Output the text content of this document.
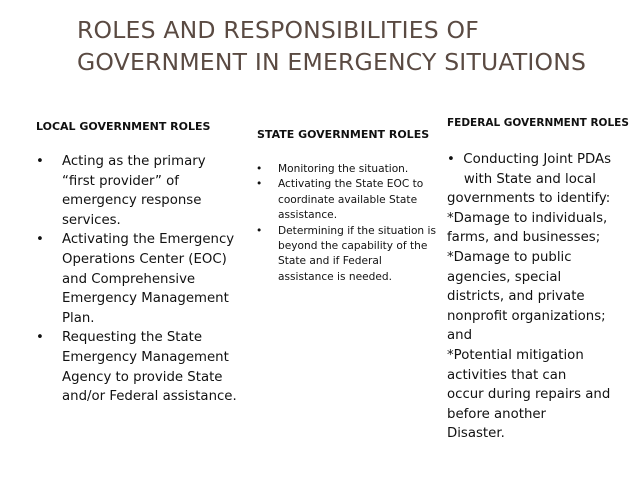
ROLES AND RESPONSIBILITIES OF
GOVERNMENT IN EMERGENCY SITUATIONS
LOCAL GOVERNMENT ROLES
• Acting as the primary “first provider” of emergency response services.
• Activating the Emergency Operations Center (EOC) and Comprehensive Emergency Management Plan.
• Requesting the State Emergency Management Agency to provide State and/or Federal assistance.
STATE GOVERNMENT ROLES
• Monitoring the situation.
• Activating the State EOC to coordinate available State assistance.
• Determining if the situation is beyond the capability of the State and if Federal assistance is needed.
FEDERAL GOVERNMENT ROLES
•  Conducting Joint PDAs
with State and local
governments to identify:
*Damage to individuals,
farms, and businesses;
*Damage to public
agencies, special
districts, and private
nonprofit organizations;
and
*Potential mitigation
activities that can
occur during repairs and
before another
Disaster.
